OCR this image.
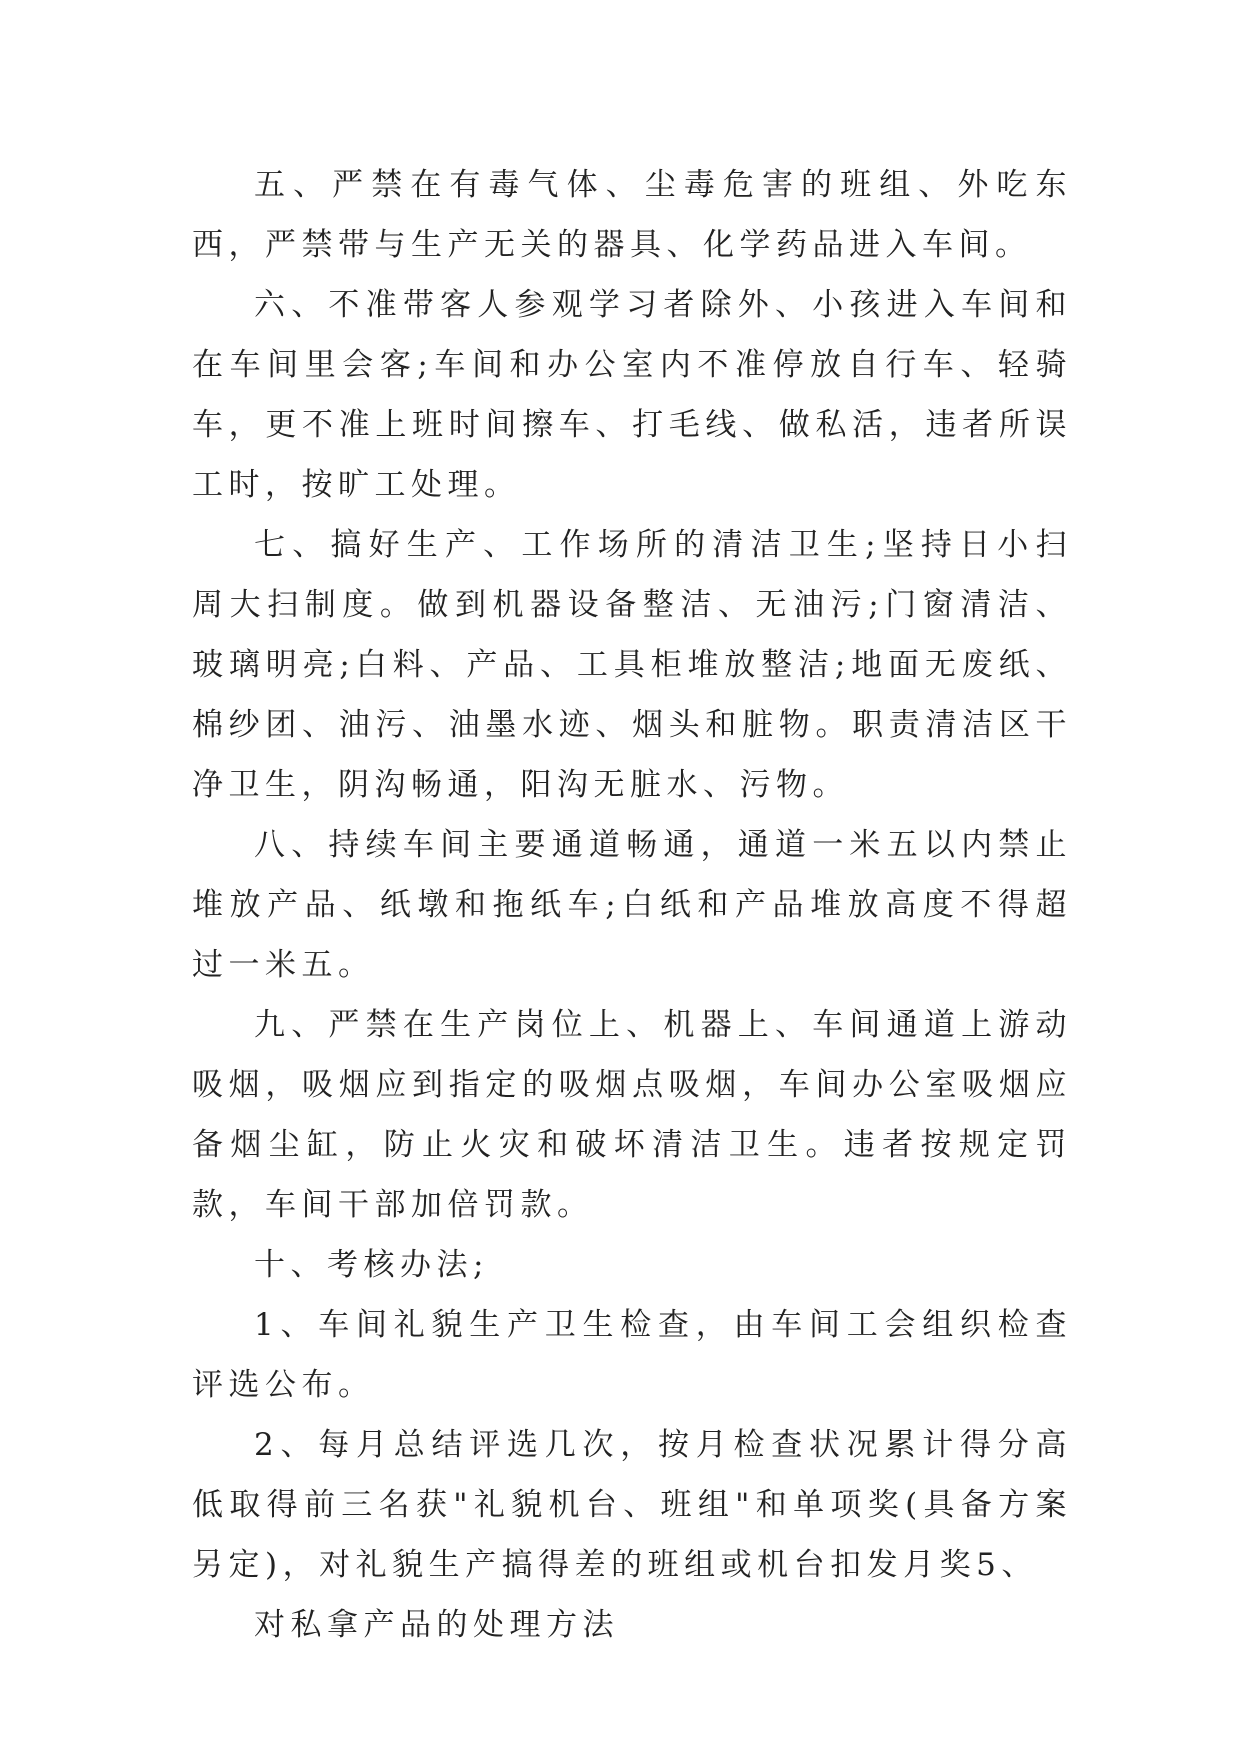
五、严禁在有毒气体、尘毒危害的班组、外吃东西，严禁带与生产无关的器具、化学药品进入车间。

六、不准带客人参观学习者除外、小孩进入车间和在车间里会客;车间和办公室内不准停放自行车、轻骑车，更不准上班时间擦车、打毛线、做私活，违者所误工时，按旷工处理。

七、搞好生产、工作场所的清洁卫生;坚持日小扫周大扫制度。做到机器设备整洁、无油污;门窗清洁、玻璃明亮;白料、产品、工具柜堆放整洁;地面无废纸、棉纱团、油污、油墨水迹、烟头和脏物。职责清洁区干净卫生，阴沟畅通，阳沟无脏水、污物。

八、持续车间主要通道畅通，通道一米五以内禁止堆放产品、纸墩和拖纸车;白纸和产品堆放高度不得超过一米五。

九、严禁在生产岗位上、机器上、车间通道上游动吸烟，吸烟应到指定的吸烟点吸烟，车间办公室吸烟应备烟尘缸，防止火灾和破坏清洁卫生。违者按规定罚款，车间干部加倍罚款。

十、考核办法;

1、车间礼貌生产卫生检查，由车间工会组织检查评选公布。

2、每月总结评选几次，按月检查状况累计得分高低取得前三名获"礼貌机台、班组"和单项奖(具备方案另定)，对礼貌生产搞得差的班组或机台扣发月奖5、

对私拿产品的处理方法
